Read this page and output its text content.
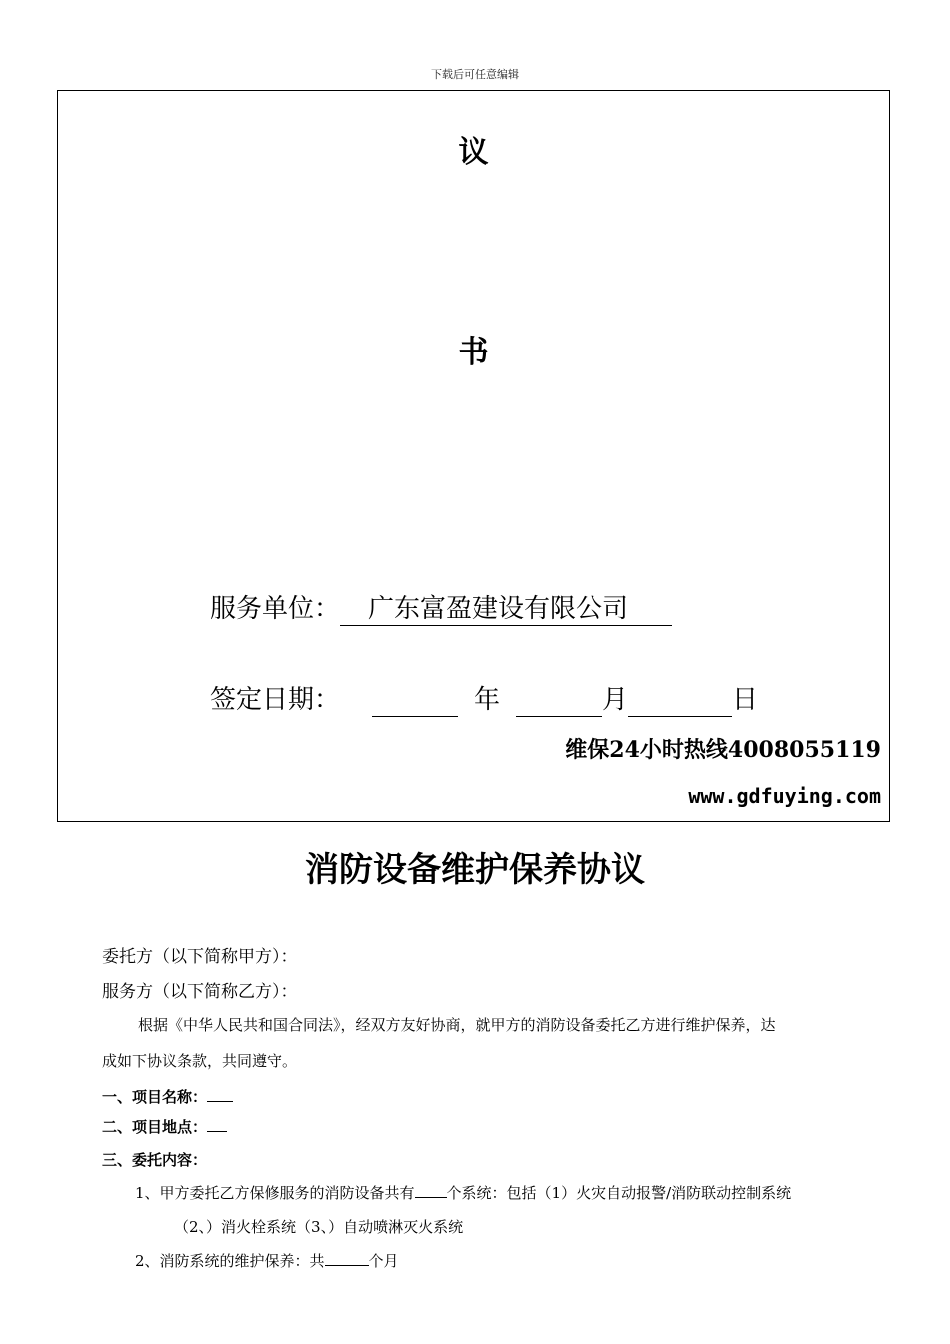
下载后可任意编辑
议
书
服务单位： 广东富盈建设有限公司
签定日期：	年	月	日
维保24小时热线4008055119
www.gdfuying.com
消防设备维护保养协议
委托方（以下简称甲方）：
服务方（以下简称乙方）：
根据《中华人民共和国合同法》，经双方友好协商，就甲方的消防设备委托乙方进行维护保养，达
成如下协议条款，共同遵守。
一、项目名称：
二、项目地点：
三、委托内容：
1、甲方委托乙方保修服务的消防设备共有 个系统：包括（1）火灾自动报警/消防联动控制系统
（2、）消火栓系统（3、）自动喷淋灭火系统
2、消防系统的维护保养：共	个月
